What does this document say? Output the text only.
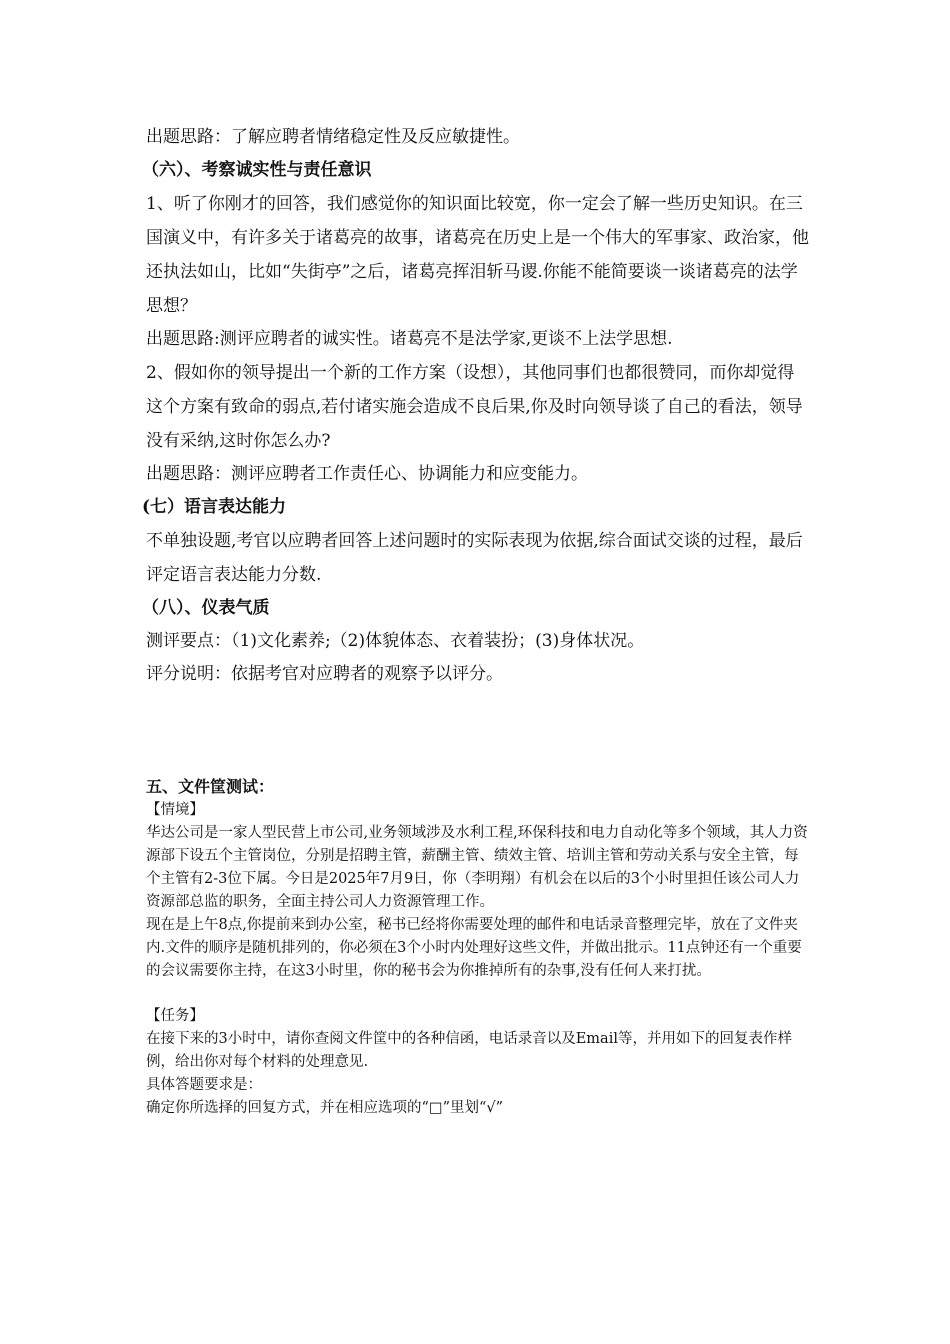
出题思路：了解应聘者情绪稳定性及反应敏捷性。

（六）、考察诚实性与责任意识

1、听了你刚才的回答，我们感觉你的知识面比较宽，你一定会了解一些历史知识。在三国演义中，有许多关于诸葛亮的故事，诸葛亮在历史上是一个伟大的军事家、政治家，他还执法如山，比如“失街亭”之后，诸葛亮挥泪斩马谡.你能不能简要谈一谈诸葛亮的法学思想？

出题思路:测评应聘者的诚实性。诸葛亮不是法学家,更谈不上法学思想.

2、假如你的领导提出一个新的工作方案（设想），其他同事们也都很赞同，而你却觉得这个方案有致命的弱点,若付诸实施会造成不良后果,你及时向领导谈了自己的看法，领导没有采纳,这时你怎么办?

出题思路：测评应聘者工作责任心、协调能力和应变能力。

(七）语言表达能力

不单独设题,考官以应聘者回答上述问题时的实际表现为依据,综合面试交谈的过程，最后评定语言表达能力分数.

（八）、仪表气质

测评要点：（1)文化素养;（2)体貌体态、衣着装扮；(3)身体状况。

评分说明：依据考官对应聘者的观察予以评分。

五、文件筐测试：

【情境】

华达公司是一家人型民营上市公司,业务领域涉及水利工程,环保科技和电力自动化等多个领域，其人力资源部下设五个主管岗位，分别是招聘主管，薪酬主管、绩效主管、培训主管和劳动关系与安全主管，每个主管有2-3位下属。今日是2025年7月9日，你（李明翔）有机会在以后的3个小时里担任该公司人力资源部总监的职务，全面主持公司人力资源管理工作。

现在是上午8点,你提前来到办公室，秘书已经将你需要处理的邮件和电话录音整理完毕，放在了文件夹内.文件的顺序是随机排列的，你必须在3个小时内处理好这些文件，并做出批示。11点钟还有一个重要的会议需要你主持，在这3小时里，你的秘书会为你推掉所有的杂事,没有任何人来打扰。

【任务】

在接下来的3小时中，请你查阅文件筐中的各种信函，电话录音以及Email等，并用如下的回复表作样例，给出你对每个材料的处理意见.

具体答题要求是：

确定你所选择的回复方式，并在相应选项的“□”里划“√”
